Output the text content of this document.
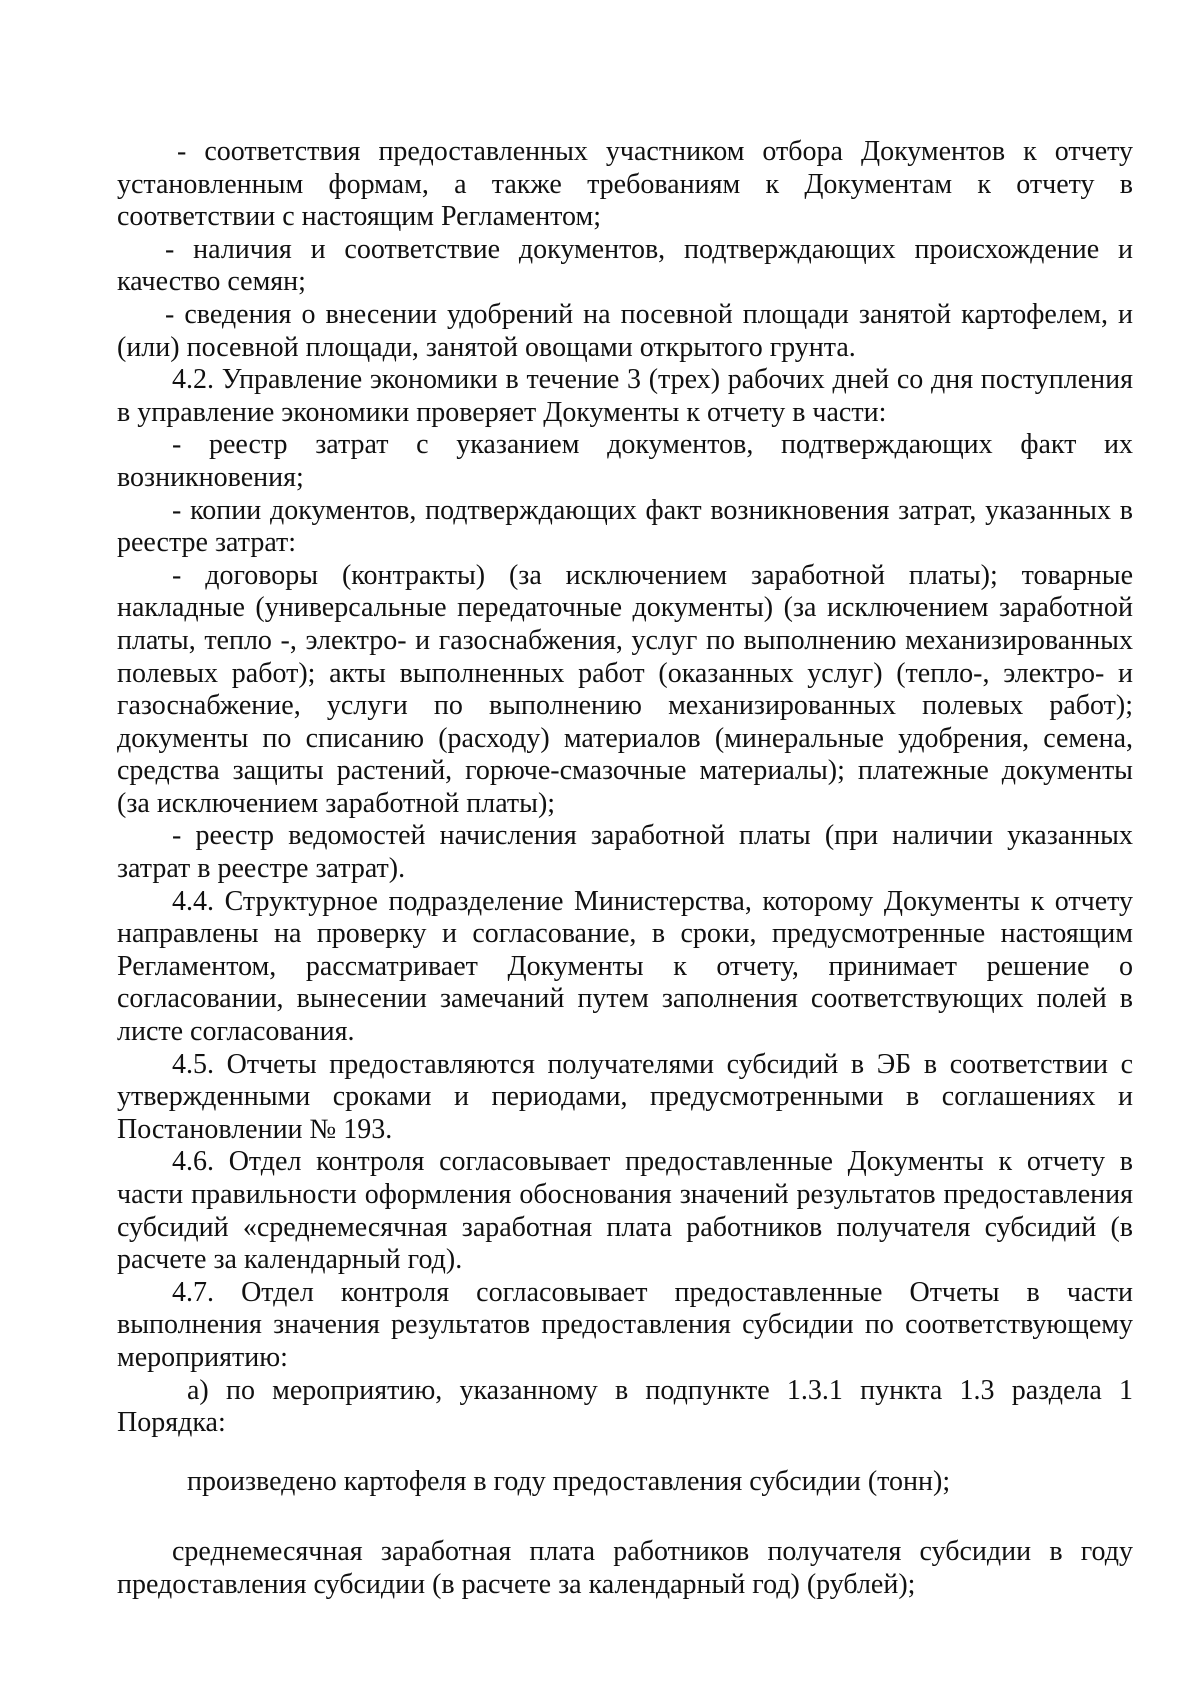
- соответствия предоставленных участником отбора Документов к отчету установленным формам, а также требованиям к Документам к отчету в соответствии с настоящим Регламентом;

- наличия и соответствие документов, подтверждающих происхождение и качество семян;

- сведения о внесении удобрений на посевной площади занятой картофелем, и (или) посевной площади, занятой овощами открытого грунта.

4.2. Управление экономики в течение 3 (трех) рабочих дней со дня поступления в управление экономики проверяет Документы к отчету в части:

- реестр затрат с указанием документов, подтверждающих факт их возникновения;

- копии документов, подтверждающих факт возникновения затрат, указанных в реестре затрат:

- договоры (контракты) (за исключением заработной платы); товарные накладные (универсальные передаточные документы) (за исключением заработной платы, тепло -, электро- и газоснабжения, услуг по выполнению механизированных полевых работ); акты выполненных работ (оказанных услуг) (тепло-, электро- и газоснабжение, услуги по выполнению механизированных полевых работ); документы по списанию (расходу) материалов (минеральные удобрения, семена, средства защиты растений, горюче-смазочные материалы); платежные документы (за исключением заработной платы);

- реестр ведомостей начисления заработной платы (при наличии указанных затрат в реестре затрат).

4.4. Структурное подразделение Министерства, которому Документы к отчету направлены на проверку и согласование, в сроки, предусмотренные настоящим Регламентом, рассматривает Документы к отчету, принимает решение о согласовании, вынесении замечаний путем заполнения соответствующих полей в листе согласования.

4.5. Отчеты предоставляются получателями субсидий в ЭБ в соответствии с утвержденными сроками и периодами, предусмотренными в соглашениях и Постановлении № 193.

4.6. Отдел контроля согласовывает предоставленные Документы к отчету в части правильности оформления обоснования значений результатов предоставления субсидий «среднемесячная заработная плата работников получателя субсидий (в расчете за календарный год).

4.7. Отдел контроля согласовывает предоставленные Отчеты в части выполнения значения результатов предоставления субсидии по соответствующему мероприятию:

а) по мероприятию, указанному в подпункте 1.3.1 пункта 1.3 раздела 1 Порядка:

произведено картофеля в году предоставления субсидии (тонн);

среднемесячная заработная плата работников получателя субсидии в году предоставления субсидии (в расчете за календарный год) (рублей);
